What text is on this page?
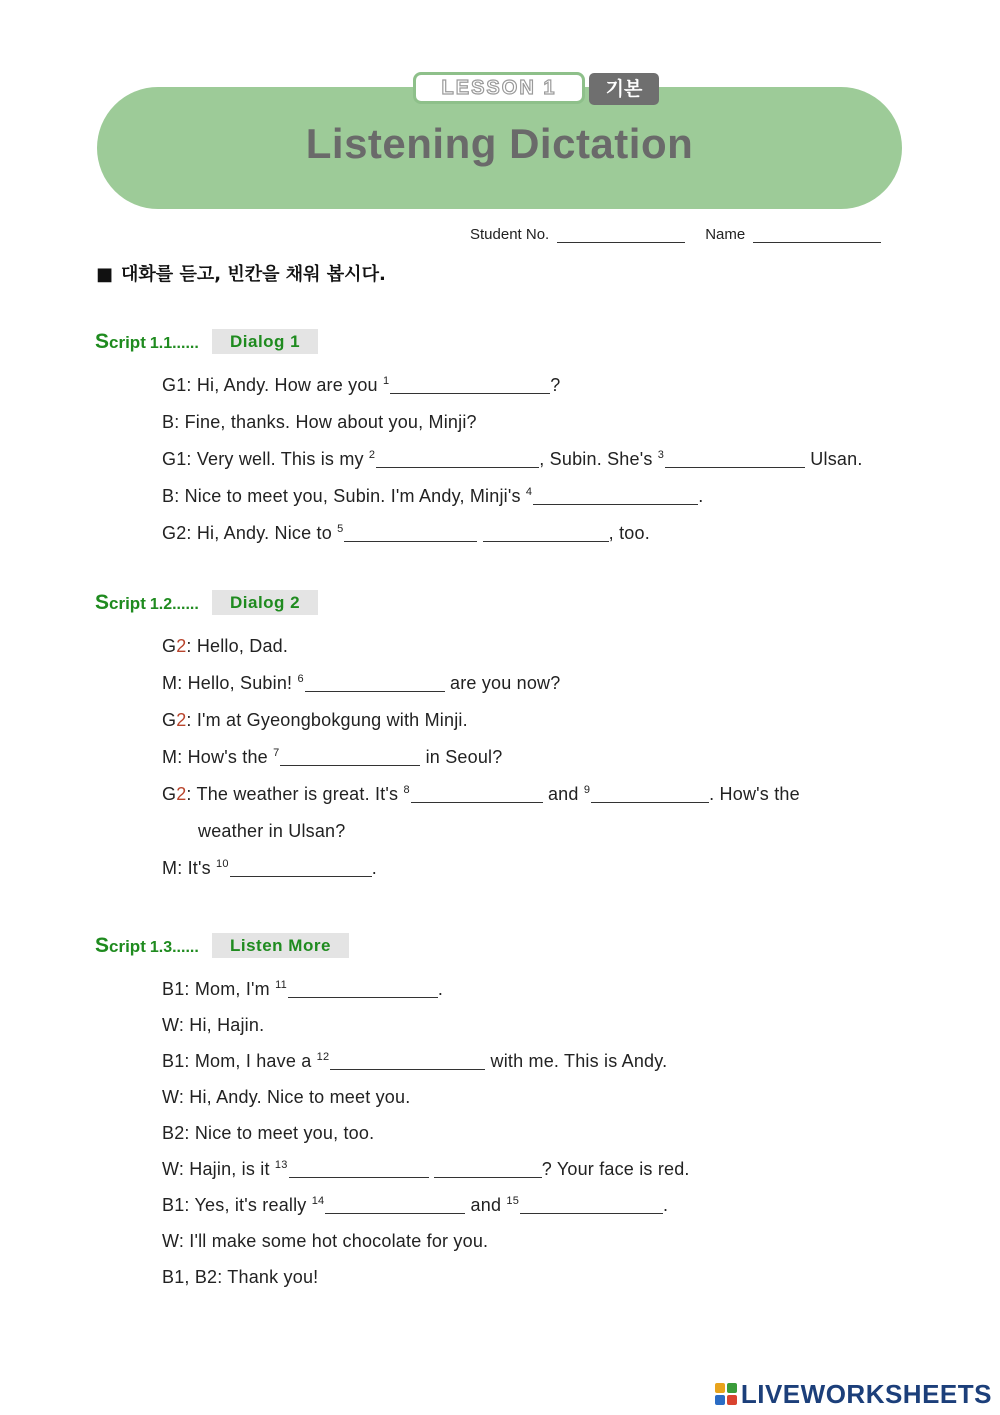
LESSON 1	기본
Listening Dictation
Student No.	Name
■ 대화를 듣고, 빈칸을 채워 봅시다.
Script 1.1......	Dialog 1
G1: Hi, Andy. How are you $^1$	?
B: Fine, thanks. How about you, Minji?
G1: Very well. This is my $^2$	, Subin. She's $^3$	Ulsan.
B: Nice to meet you, Subin. I'm Andy, Minji's $^4$	.
G2: Hi, Andy. Nice to $^5$	, too.
Script 1.2......	Dialog 2
G2: Hello, Dad.
M: Hello, Subin! $^6$	are you now?
G2: I'm at Gyeongbokgung with Minji.
M: How's the $^7$	in Seoul?
G2: The weather is great. It's $^8$	and $^9$	. How's the
weather in Ulsan?
M: It's $^{10}$	.
Script 1.3......	Listen More
B1: Mom, I'm $^{11}$	.
W: Hi, Hajin.
B1: Mom, I have a $^{12}$	with me. This is Andy.
W: Hi, Andy. Nice to meet you.
B2: Nice to meet you, too.
W: Hajin, is it $^{13}$	? Your face is red.
B1: Yes, it's really $^{14}$	and $^{15}$	.
W: I'll make some hot chocolate for you.
B1, B2: Thank you!
LIVEWORKSHEETS
